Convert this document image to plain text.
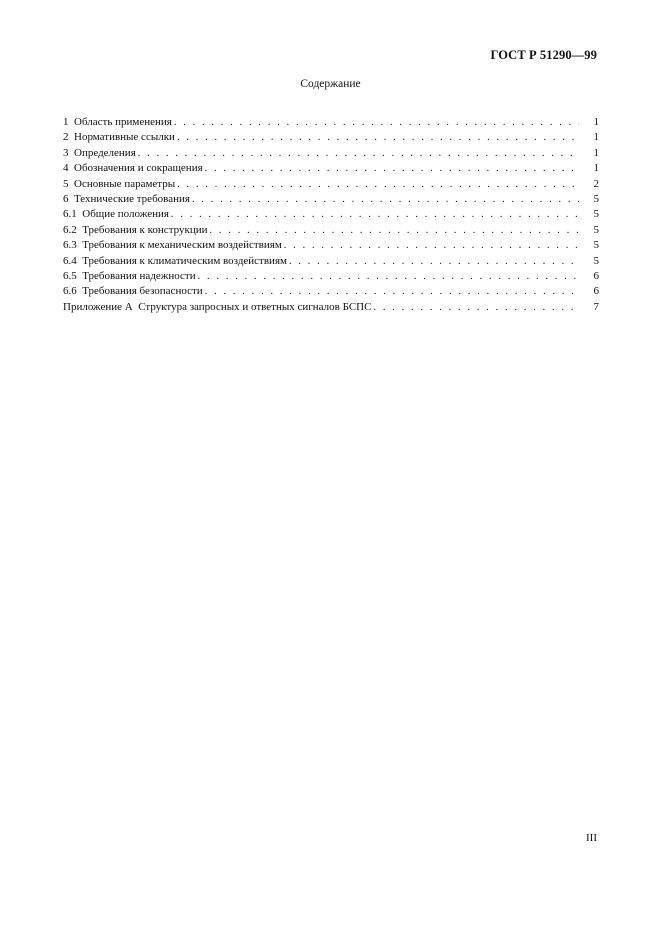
ГОСТ Р 51290—99
Содержание
1  Область применения . . .	1
2  Нормативные ссылки . . .	1
3  Определения . . .	1
4  Обозначения и сокращения . . .	1
5  Основные параметры . . .	2
6  Технические требования . . .	5
6.1  Общие положения . . .	5
6.2  Требования к конструкции . . .	5
6.3  Требования к механическим воздействиям . . .	5
6.4  Требования к климатическим воздействиям . . .	5
6.5  Требования надежности . . .	6
6.6  Требования безопасности . . .	6
Приложение А  Структура запросных и ответных сигналов БСПС . . .	7
III
